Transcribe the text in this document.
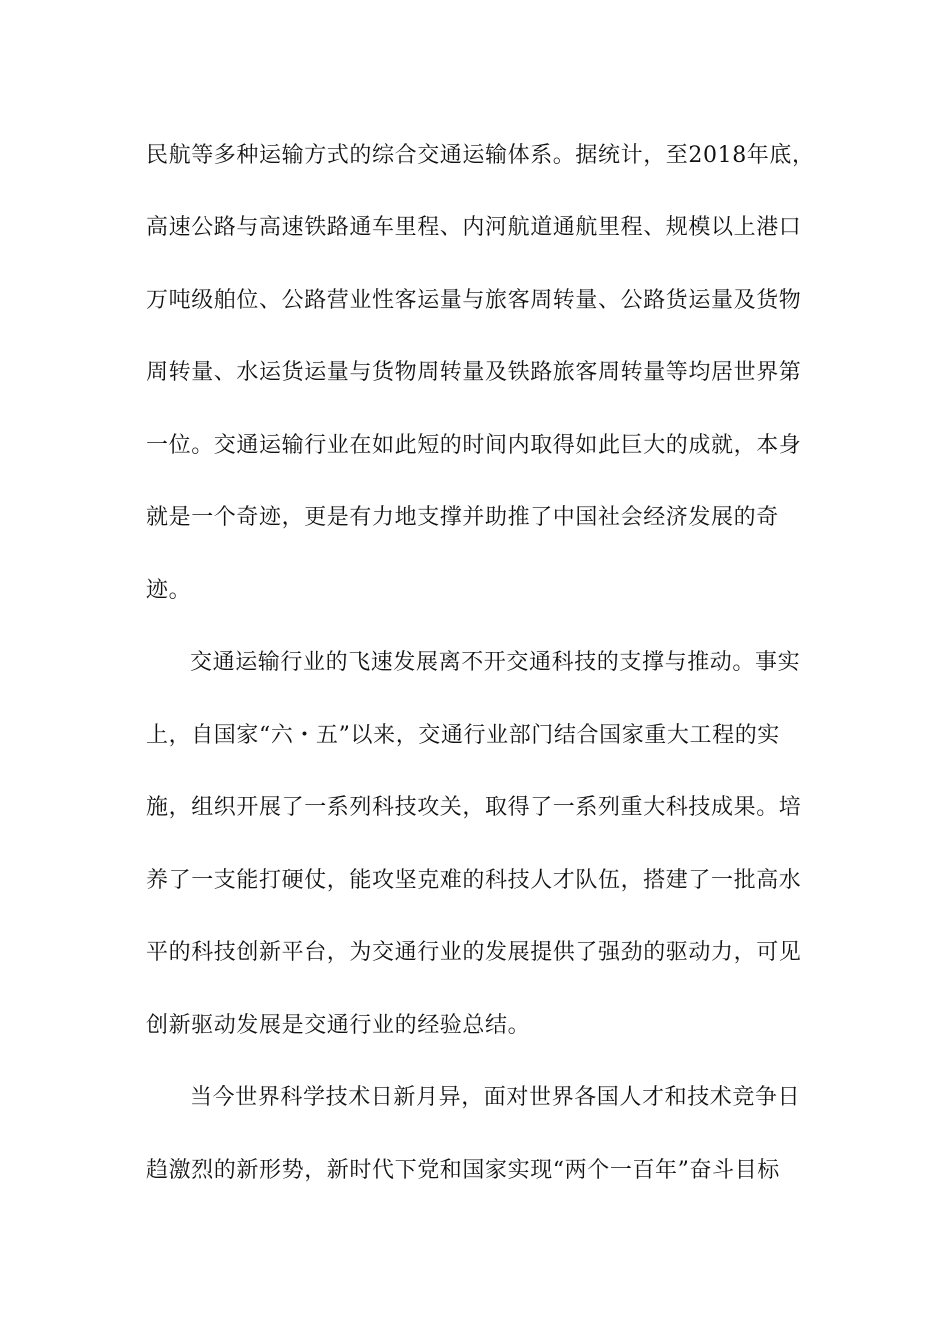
民航等多种运输方式的综合交通运输体系。据统计，至2018年底，
高速公路与高速铁路通车里程、内河航道通航里程、规模以上港口
万吨级舶位、公路营业性客运量与旅客周转量、公路货运量及货物
周转量、水运货运量与货物周转量及铁路旅客周转量等均居世界第
一位。交通运输行业在如此短的时间内取得如此巨大的成就，本身
就是一个奇迹，更是有力地支撑并助推了中国社会经济发展的奇
迹。
交通运输行业的飞速发展离不开交通科技的支撑与推动。事实
上，自国家“六・五”以来，交通行业部门结合国家重大工程的实
施，组织开展了一系列科技攻关，取得了一系列重大科技成果。培
养了一支能打硬仗，能攻坚克难的科技人才队伍，搭建了一批高水
平的科技创新平台，为交通行业的发展提供了强劲的驱动力，可见
创新驱动发展是交通行业的经验总结。
当今世界科学技术日新月异，面对世界各国人才和技术竞争日
趋激烈的新形势，新时代下党和国家实现“两个一百年”奋斗目标
